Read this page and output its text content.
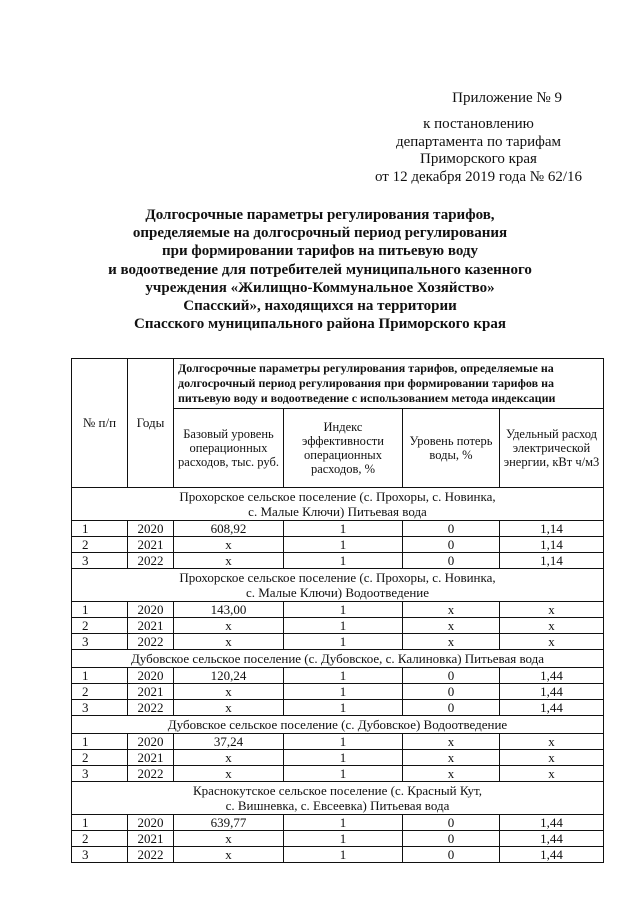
Приложение № 9
к постановлению
департамента по тарифам
Приморского края
от 12 декабря 2019 года № 62/16
Долгосрочные параметры регулирования тарифов,
определяемые на долгосрочный период регулирования
при формировании тарифов на питьевую воду
и водоотведение для потребителей муниципального казенного
учреждения «Жилищно-Коммунальное Хозяйство»
Спасский», находящихся на территории
Спасского муниципального района Приморского края
№ п/п	Годы	Долгосрочные параметры регулирования тарифов, определяемые на долгосрочный период регулирования при формировании тарифов на питьевую воду и водоотведение с использованием метода индексации			
		Базовый уровень операционных расходов, тыс. руб.	Индекс эффективности операционных расходов, %	Уровень потерь воды, %	Удельный расход электрической энергии, кВт ч/м3

Прохорское сельское поселение (с. Прохоры, с. Новинка,
с. Малые Ключи) Питьевая вода					

1	2020	608,92	1	0	1,14
2	2021	x	1	0	1,14
3	2022	x	1	0	1,14

Прохорское сельское поселение (с. Прохоры, с. Новинка,
с. Малые Ключи) Водоотведение					

1	2020	143,00	1	x	x
2	2021	x	1	x	x
3	2022	x	1	x	x

Дубовское сельское поселение (с. Дубовское, с. Калиновка) Питьевая вода					

1	2020	120,24	1	0	1,44
2	2021	x	1	0	1,44
3	2022	x	1	0	1,44

Дубовское сельское поселение (с. Дубовское) Водоотведение					

1	2020	37,24	1	x	x
2	2021	x	1	x	x
3	2022	x	1	x	x

Краснокутское сельское поселение (с. Красный Кут,
с. Вишневка, с. Евсеевка) Питьевая вода					

1	2020	639,77	1	0	1,44
2	2021	x	1	0	1,44
3	2022	x	1	0	1,44
